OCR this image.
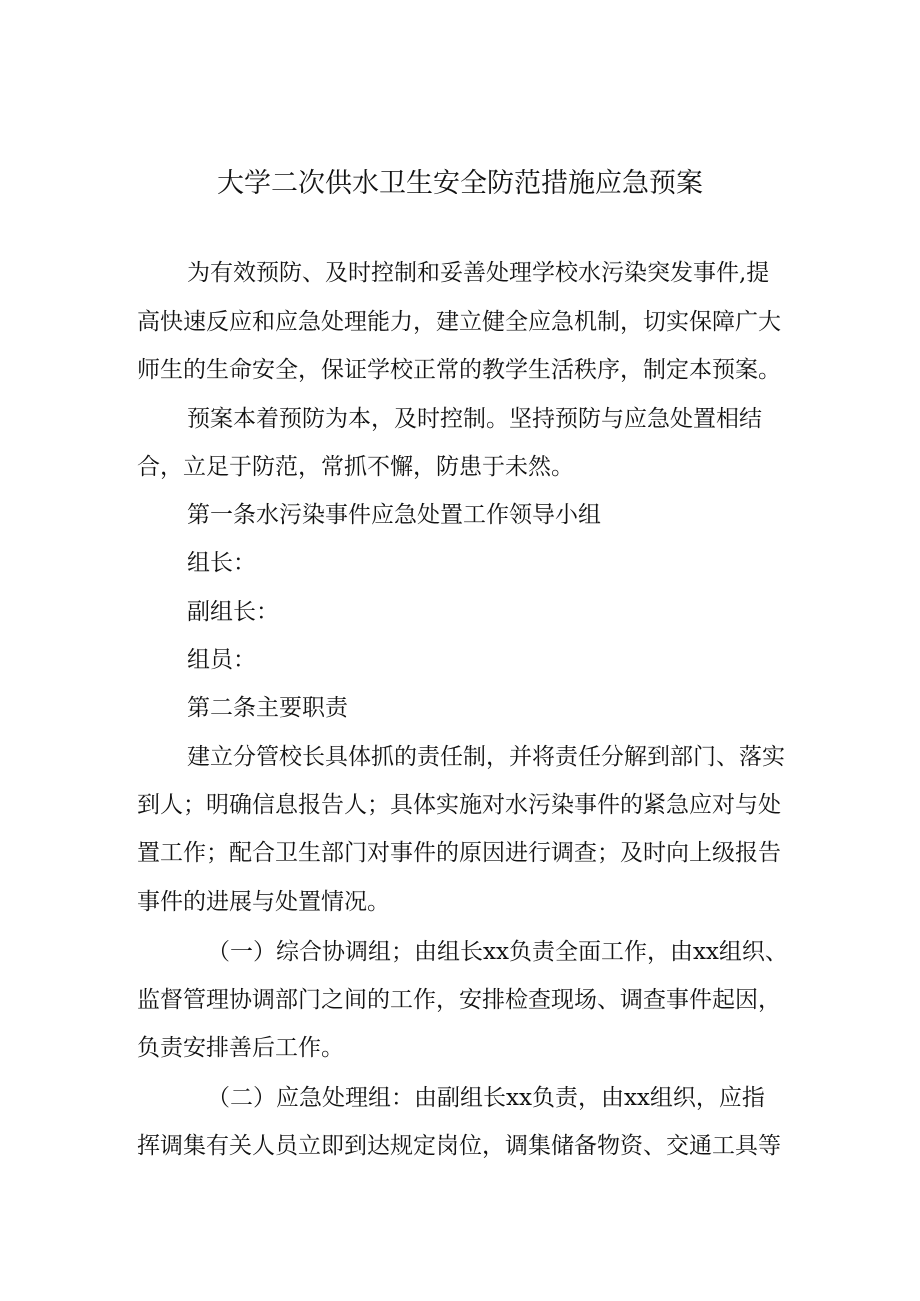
大学二次供水卫生安全防范措施应急预案
为有效预防、及时控制和妥善处理学校水污染突发事件,提
高快速反应和应急处理能力，建立健全应急机制，切实保障广大
师生的生命安全，保证学校正常的教学生活秩序，制定本预案。
预案本着预防为本，及时控制。坚持预防与应急处置相结
合，立足于防范，常抓不懈，防患于未然。
第一条水污染事件应急处置工作领导小组
组长：
副组长：
组员：
第二条主要职责
建立分管校长具体抓的责任制，并将责任分解到部门、落实
到人；明确信息报告人；具体实施对水污染事件的紧急应对与处
置工作；配合卫生部门对事件的原因进行调查；及时向上级报告
事件的进展与处置情况。
（一）综合协调组；由组长xx负责全面工作，由xx组织、
监督管理协调部门之间的工作，安排检查现场、调查事件起因，
负责安排善后工作。
（二）应急处理组：由副组长xx负责，由xx组织，应指
挥调集有关人员立即到达规定岗位，调集储备物资、交通工具等
